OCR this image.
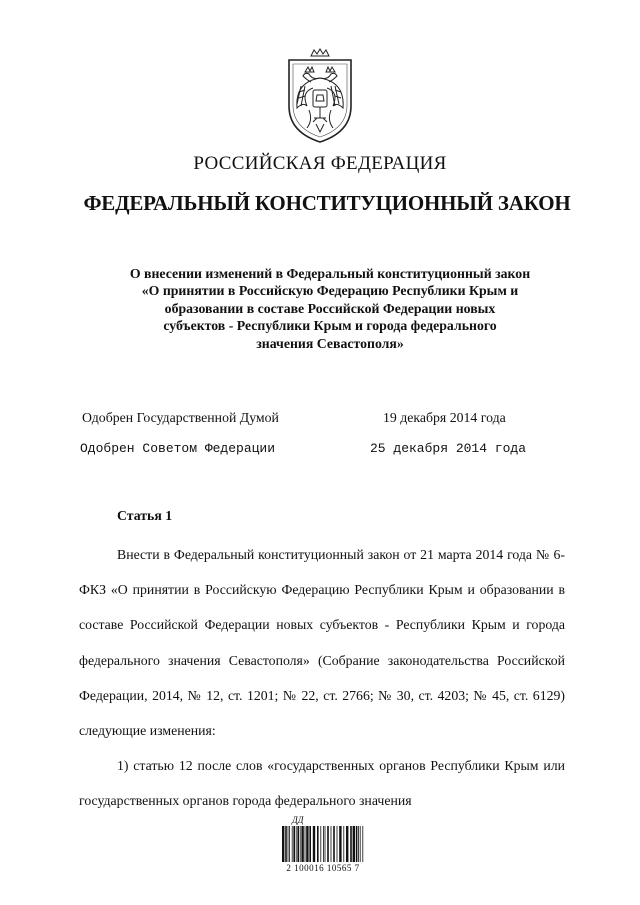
РОССИЙСКАЯ ФЕДЕРАЦИЯ
ФЕДЕРАЛЬНЫЙ КОНСТИТУЦИОННЫЙ ЗАКОН
О внесении изменений в Федеральный конституционный закон
«О принятии в Российскую Федерацию Республики Крым и
образовании в составе Российской Федерации новых
субъектов - Республики Крым и города федерального
значения Севастополя»
Одобрен Государственной Думой	19 декабря 2014 года
Одобрен Советом Федерации	25 декабря 2014 года
Статья 1

Внести в Федеральный конституционный закон от 21 марта 2014 года № 6-ФКЗ «О принятии в Российскую Федерацию Республики Крым и образовании в составе Российской Федерации новых субъектов - Республики Крым и города федерального значения Севастополя» (Собрание законодательства Российской Федерации, 2014, № 12, ст. 1201; № 22, ст. 2766; № 30, ст. 4203; № 45, ст. 6129) следующие изменения:

1) статью 12 после слов «государственных органов Республики Крым или государственных органов города федерального значения

ДД
2 100016 10565 7
